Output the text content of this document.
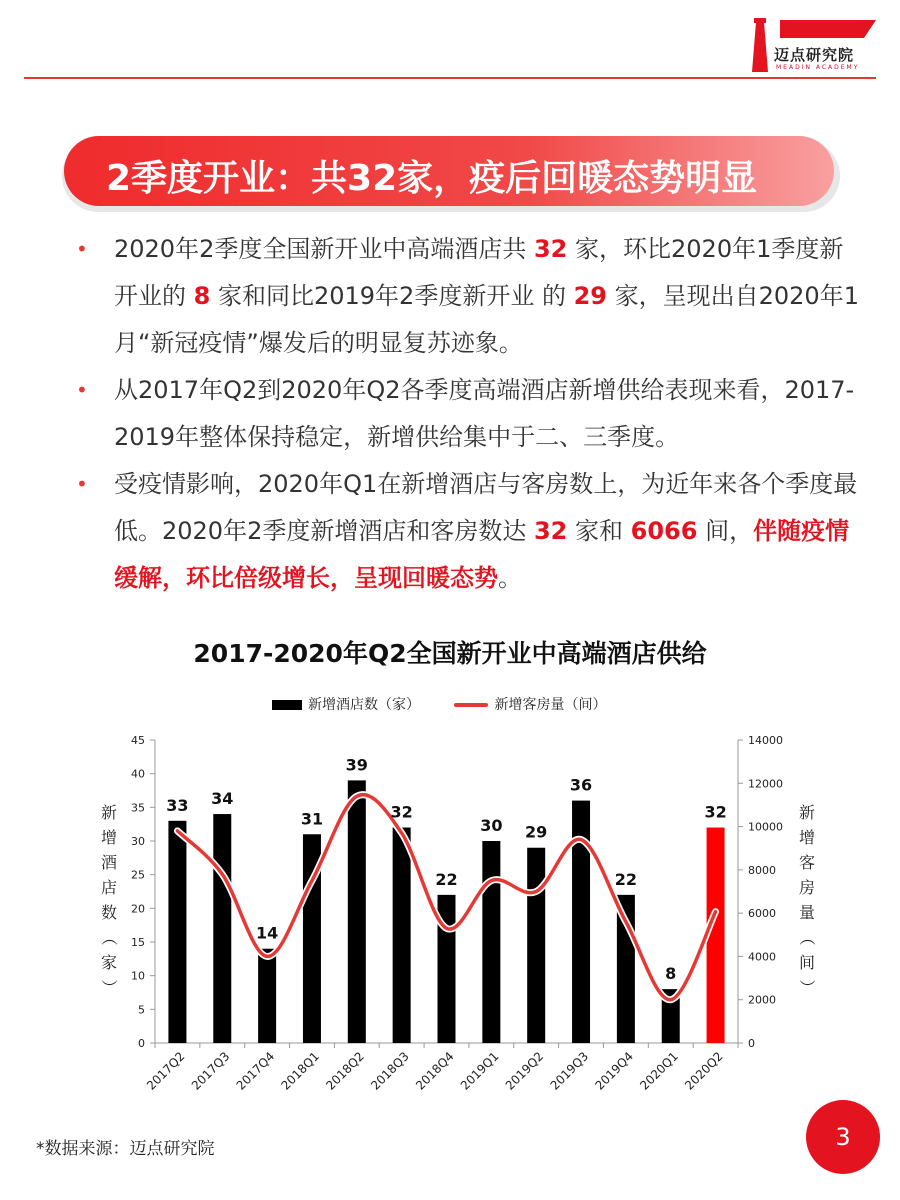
迈点研究院
MEADIN ACADEMY
2季度开业：共32家，疫后回暖态势明显
• 2020年2季度全国新开业中高端酒店共 32 家，环比2020年1季度新开业的 8 家和同比2019年2季度新开业 的 29 家，呈现出自2020年1月“新冠疫情”爆发后的明显复苏迹象。
• 从2017年Q2到2020年Q2各季度高端酒店新增供给表现来看，2017-2019年整体保持稳定，新增供给集中于二、三季度。
• 受疫情影响，2020年Q1在新增酒店与客房数上，为近年来各个季度最低。2020年2季度新增酒店和客房数达 32 家和 6066 间，伴随疫情缓解，环比倍级增长，呈现回暖态势。
2017-2020年Q2全国新开业中高端酒店供给
新增酒店数（家）	新增客房量（间）
新
增
酒
店
数
（
家
）
新
增
客
房
量
（
间
）
0
5
10
15
20
25
30
35
40
45
0
2000
4000
6000
8000
10000
12000
14000
2017Q2 2017Q3 2017Q4 2018Q1 2018Q2 2018Q3 2018Q4 2019Q1 2019Q2 2019Q3 2019Q4 2020Q1 2020Q2
33 34
14
31
39
32
22
30 29
36
22
8
32
*数据来源：迈点研究院	3
